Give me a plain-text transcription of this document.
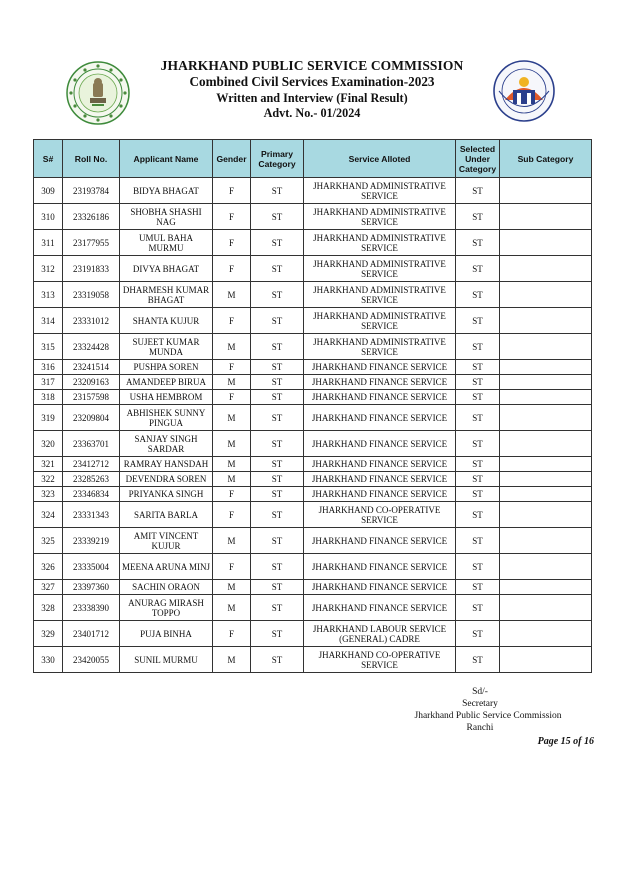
JHARKHAND PUBLIC SERVICE COMMISSION
Combined Civil Services Examination-2023
Written and Interview (Final Result)
Advt. No.- 01/2024
S#	Roll No.	Applicant Name	Gender	Primary Category	Service Alloted	Selected Under Category	Sub Category
309	23193784	BIDYA BHAGAT	F	ST	JHARKHAND ADMINISTRATIVE SERVICE	ST	
310	23326186	SHOBHA SHASHI NAG	F	ST	JHARKHAND ADMINISTRATIVE SERVICE	ST	
311	23177955	UMUL BAHA MURMU	F	ST	JHARKHAND ADMINISTRATIVE SERVICE	ST	
312	23191833	DIVYA BHAGAT	F	ST	JHARKHAND ADMINISTRATIVE SERVICE	ST	
313	23319058	DHARMESH KUMAR BHAGAT	M	ST	JHARKHAND ADMINISTRATIVE SERVICE	ST	
314	23331012	SHANTA KUJUR	F	ST	JHARKHAND ADMINISTRATIVE SERVICE	ST	
315	23324428	SUJEET KUMAR MUNDA	M	ST	JHARKHAND ADMINISTRATIVE SERVICE	ST	
316	23241514	PUSHPA SOREN	F	ST	JHARKHAND FINANCE SERVICE	ST	
317	23209163	AMANDEEP BIRUA	M	ST	JHARKHAND FINANCE SERVICE	ST	
318	23157598	USHA HEMBROM	F	ST	JHARKHAND FINANCE SERVICE	ST	
319	23209804	ABHISHEK SUNNY PINGUA	M	ST	JHARKHAND FINANCE SERVICE	ST	
320	23363701	SANJAY SINGH SARDAR	M	ST	JHARKHAND FINANCE SERVICE	ST	
321	23412712	RAMRAY HANSDAH	M	ST	JHARKHAND FINANCE SERVICE	ST	
322	23285263	DEVENDRA SOREN	M	ST	JHARKHAND FINANCE SERVICE	ST	
323	23346834	PRIYANKA SINGH	F	ST	JHARKHAND FINANCE SERVICE	ST	
324	23331343	SARITA BARLA	F	ST	JHARKHAND CO-OPERATIVE SERVICE	ST	
325	23339219	AMIT VINCENT KUJUR	M	ST	JHARKHAND FINANCE SERVICE	ST	
326	23335004	MEENA ARUNA MINJ	F	ST	JHARKHAND FINANCE SERVICE	ST	
327	23397360	SACHIN ORAON	M	ST	JHARKHAND FINANCE SERVICE	ST	
328	23338390	ANURAG MIRASH TOPPO	M	ST	JHARKHAND FINANCE SERVICE	ST	
329	23401712	PUJA BINHA	F	ST	JHARKHAND LABOUR SERVICE (GENERAL) CADRE	ST	
330	23420055	SUNIL MURMU	M	ST	JHARKHAND CO-OPERATIVE SERVICE	ST	
Sd/-
Secretary
Jharkhand Public Service Commission
Ranchi
Page 15 of 16
